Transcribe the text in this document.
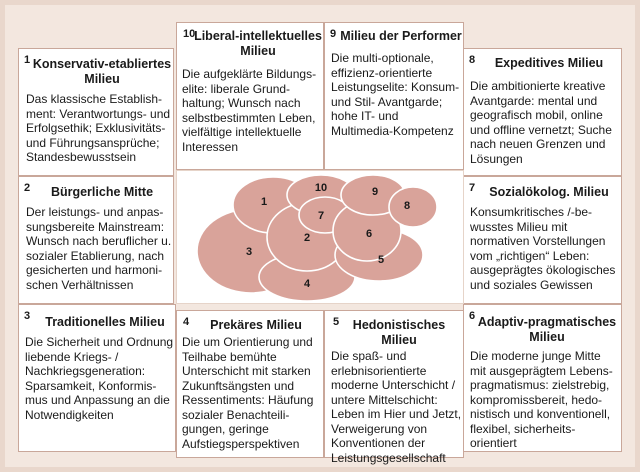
1 Konservativ-etabliertes
Milieu
Das klassische Establish-
ment: Verantwortungs- und
Erfolgsethik; Exklusivitäts-
und Führungsansprüche;
Standesbewusstsein
10
Liberal-intellektuelles
Milieu
Die aufgeklärte Bildungs-
elite: liberale Grund-
haltung; Wunsch nach
selbstbestimmten Leben,
vielfältige intellektuelle
Interessen
9 Milieu der Performer
Die multi-optionale,
effizienz-orientierte
Leistungselite: Konsum-
und Stil- Avantgarde;
hohe IT- und
Multimedia-Kompetenz
8	Expeditives Milieu
Die ambitionierte kreative
Avantgarde: mental und
geografisch mobil, online
und offline vernetzt; Suche
nach neuen Grenzen und
Lösungen
2	Bürgerliche Mitte
Der leistungs- und anpas-
sungsbereite Mainstream:
Wunsch nach beruflicher u.
sozialer Etablierung, nach
gesicherten und harmoni-
schen Verhältnissen
7	Sozialökolog. Milieu
Konsumkritisches /-be-
wusstes Milieu mit
normativen Vorstellungen
vom „richtigen“ Leben:
ausgeprägtes ökologisches
und soziales Gewissen
1
2
3
4
5
6
7
8
9
10
3	Traditionelles Milieu
Die Sicherheit und Ordnung
liebende Kriegs- /
Nachkriegsgeneration:
Sparsamkeit, Konformis-
mus und Anpassung an die
Notwendigkeiten
4	Prekäres Milieu
Die um Orientierung und
Teilhabe bemühte
Unterschicht mit starken
Zukunftsängsten und
Ressentiments: Häufung
sozialer Benachteili-
gungen, geringe
Aufstiegsperspektiven
5	Hedonistisches
Milieu
Die spaß- und
erlebnisorientierte
moderne Unterschicht /
untere Mittelschicht:
Leben im Hier und Jetzt,
Verweigerung von
Konventionen der
Leistungsgesellschaft
6 Adaptiv-pragmatisches
Milieu
Die moderne junge Mitte
mit ausgeprägtem Lebens-
pragmatismus: zielstrebig,
kompromissbereit, hedo-
nistisch und konventionell,
flexibel, sicherheits-
orientiert
